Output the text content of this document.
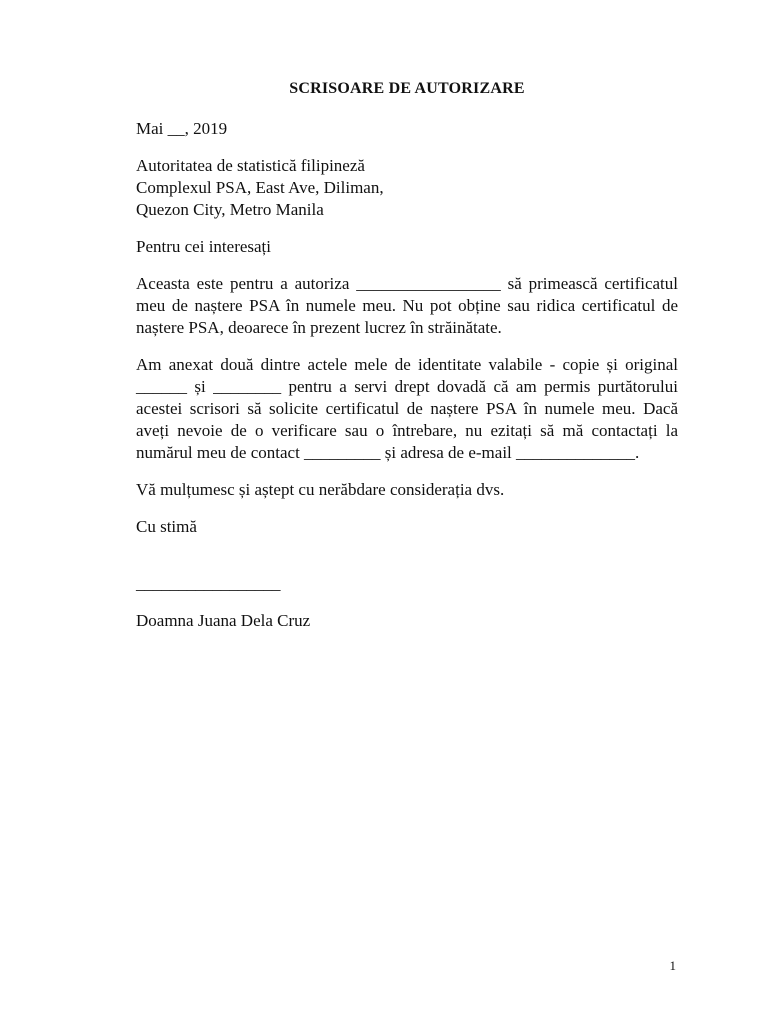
SCRISOARE DE AUTORIZARE
Mai __, 2019
Autoritatea de statistică filipineză
Complexul PSA, East Ave, Diliman,
Quezon City, Metro Manila
Pentru cei interesați
Aceasta este pentru a autoriza _________________ să primească certificatul meu de naștere PSA în numele meu. Nu pot obține sau ridica certificatul de naștere PSA, deoarece în prezent lucrez în străinătate.
Am anexat două dintre actele mele de identitate valabile - copie și original ______ și ________ pentru a servi drept dovadă că am permis purtătorului acestei scrisori să solicite certificatul de naștere PSA în numele meu. Dacă aveți nevoie de o verificare sau o întrebare, nu ezitați să mă contactați la numărul meu de contact _________ și adresa de e-mail ______________.
Vă mulțumesc și aștept cu nerăbdare considerația dvs.
Cu stimă
_________________
Doamna Juana Dela Cruz
1
